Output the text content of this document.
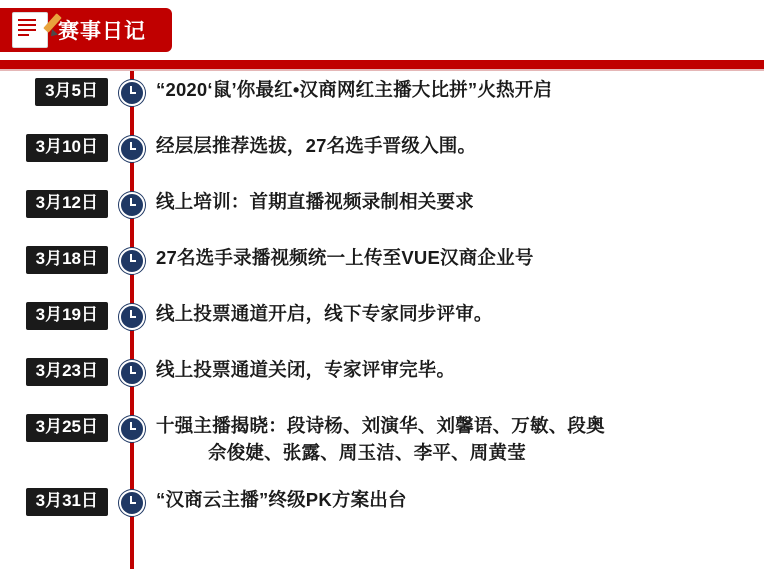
赛事日记
3月5日	“2020‘鼠’你最红•汉商网红主播大比拼”火热开启
3月10日	经层层推荐选拔，27名选手晋级入围。
3月12日	线上培训：首期直播视频录制相关要求
3月18日	27名选手录播视频统一上传至VUE汉商企业号
3月19日	线上投票通道开启，线下专家同步评审。
3月23日	线上投票通道关闭，专家评审完毕。
3月25日	十强主播揭晓：段诗杨、刘演华、刘馨语、万敏、段奥
佘俊婕、张露、周玉洁、李平、周黄莹
3月31日	“汉商云主播”终级PK方案出台
